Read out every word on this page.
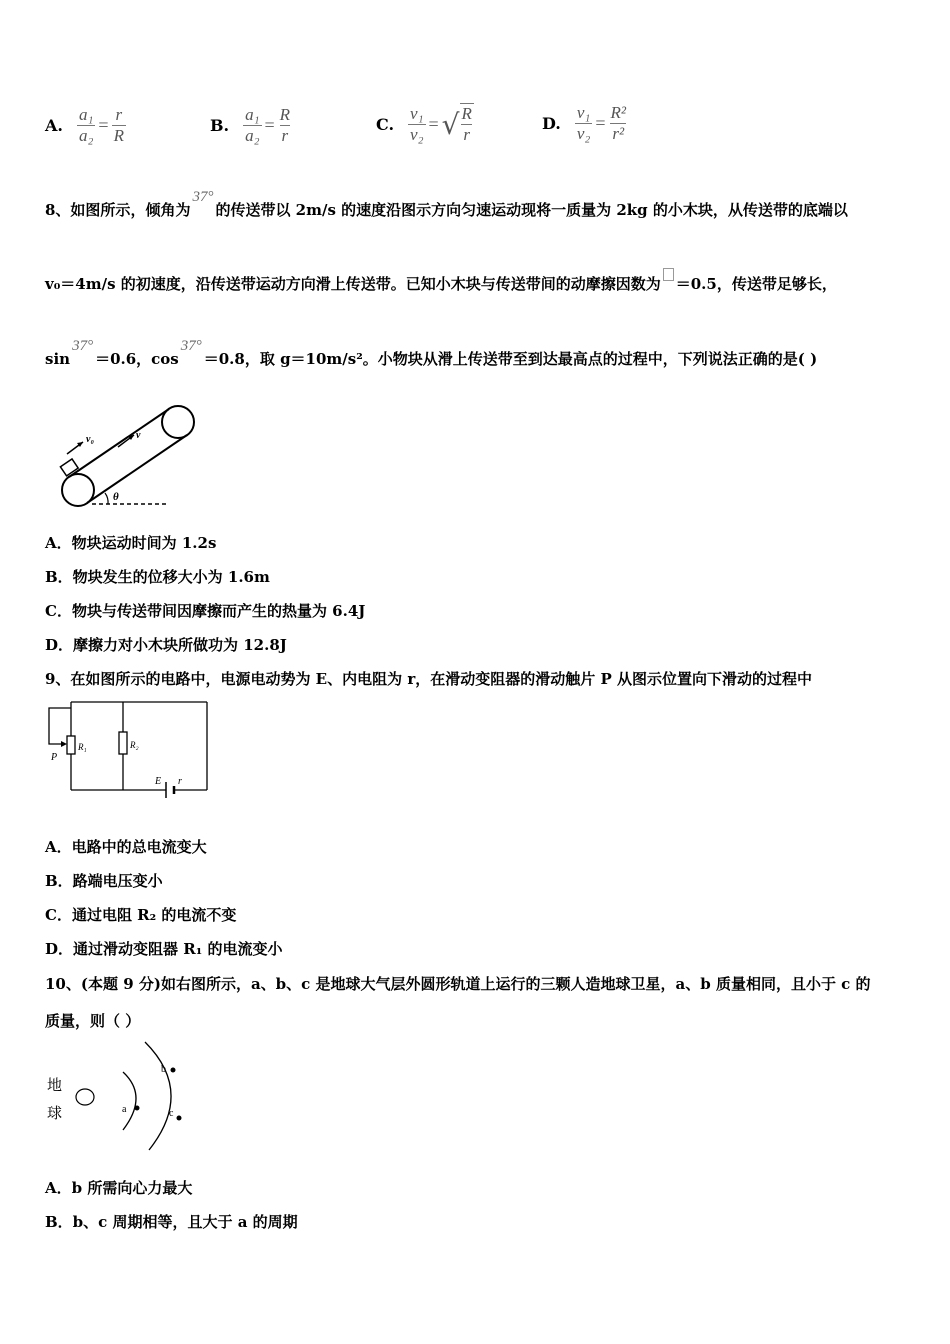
A. $\frac{\text{a₁}}{\text{a₂}} = \frac{r}{R}$	B. $\frac{\text{a₁}}{\text{a₂}} = \frac{R}{r}$	C. $\frac{\text{v₁}}{\text{v₂}}$ = √ $\frac{R}{r}$	D. $\frac{\text{v₁}}{\text{v₂}} = \frac{\text{R²}}{\text{r²}}$
8、如图所示，倾角为37°的传送带以 2m/s 的速度沿图示方向匀速运动现将一质量为 2kg 的小木块，从传送带的底端以
v₀＝4m/s 的初速度，沿传送带运动方向滑上传送带。已知小木块与传送带间的动摩擦因数为 ＝0.5，传送带足够长，
sin37°＝0.6，cos37°＝0.8，取 g＝10m/s²。小物块从滑上传送带至到达最高点的过程中，下列说法正确的是( )
v₀	v
θ
A．物块运动时间为 1.2s
B．物块发生的位移大小为 1.6m
C．物块与传送带间因摩擦而产生的热量为 6.4J
D．摩擦力对小木块所做功为 12.8J
9、在如图所示的电路中，电源电动势为 E、内电阻为 r，在滑动变阻器的滑动触片 P 从图示位置向下滑动的过程中
P
R₁	R₂
E r
A．电路中的总电流变大
B．路端电压变小
C．通过电阻 R₂ 的电流不变
D．通过滑动变阻器 R₁ 的电流变小
10、(本题 9 分)如右图所示，a、b、c 是地球大气层外圆形轨道上运行的三颗人造地球卫星，a、b 质量相同，且小于 c 的
质量，则（ ）
地
球	a
b
c
A．b 所需向心力最大
B．b、c 周期相等，且大于 a 的周期
